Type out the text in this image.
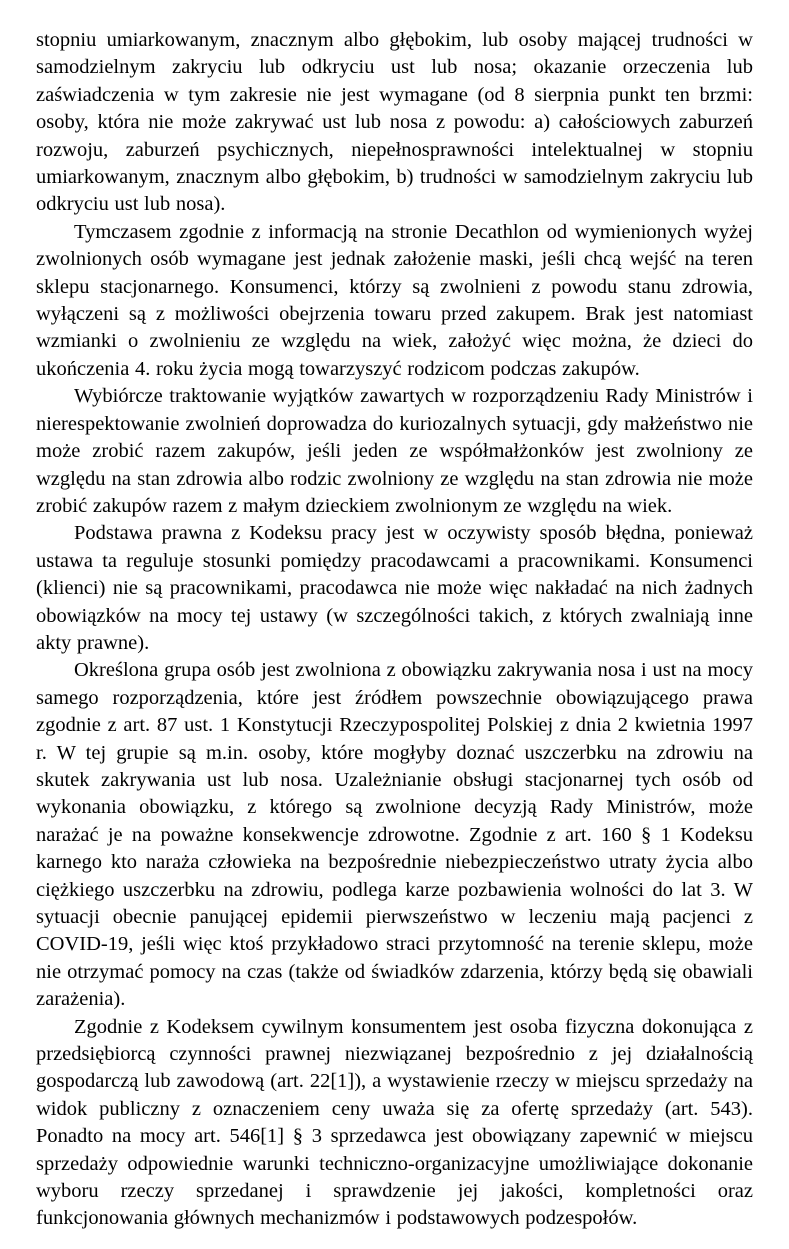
stopniu umiarkowanym, znacznym albo głębokim, lub osoby mającej trudności w samodzielnym zakryciu lub odkryciu ust lub nosa; okazanie orzeczenia lub zaświadczenia w tym zakresie nie jest wymagane (od 8 sierpnia punkt ten brzmi: osoby, która nie może zakrywać ust lub nosa z powodu: a) całościowych zaburzeń rozwoju, zaburzeń psychicznych, niepełnosprawności intelektualnej w stopniu umiarkowanym, znacznym albo głębokim, b) trudności w samodzielnym zakryciu lub odkryciu ust lub nosa).

Tymczasem zgodnie z informacją na stronie Decathlon od wymienionych wyżej zwolnionych osób wymagane jest jednak założenie maski, jeśli chcą wejść na teren sklepu stacjonarnego. Konsumenci, którzy są zwolnieni z powodu stanu zdrowia, wyłączeni są z możliwości obejrzenia towaru przed zakupem. Brak jest natomiast wzmianki o zwolnieniu ze względu na wiek, założyć więc można, że dzieci do ukończenia 4. roku życia mogą towarzyszyć rodzicom podczas zakupów.

Wybiórcze traktowanie wyjątków zawartych w rozporządzeniu Rady Ministrów i nierespektowanie zwolnień doprowadza do kuriozalnych sytuacji, gdy małżeństwo nie może zrobić razem zakupów, jeśli jeden ze współmałżonków jest zwolniony ze względu na stan zdrowia albo rodzic zwolniony ze względu na stan zdrowia nie może zrobić zakupów razem z małym dzieckiem zwolnionym ze względu na wiek.

Podstawa prawna z Kodeksu pracy jest w oczywisty sposób błędna, ponieważ ustawa ta reguluje stosunki pomiędzy pracodawcami a pracownikami. Konsumenci (klienci) nie są pracownikami, pracodawca nie może więc nakładać na nich żadnych obowiązków na mocy tej ustawy (w szczególności takich, z których zwalniają inne akty prawne).

Określona grupa osób jest zwolniona z obowiązku zakrywania nosa i ust na mocy samego rozporządzenia, które jest źródłem powszechnie obowiązującego prawa zgodnie z art. 87 ust. 1 Konstytucji Rzeczypospolitej Polskiej z dnia 2 kwietnia 1997 r. W tej grupie są m.in. osoby, które mogłyby doznać uszczerbku na zdrowiu na skutek zakrywania ust lub nosa. Uzależnianie obsługi stacjonarnej tych osób od wykonania obowiązku, z którego są zwolnione decyzją Rady Ministrów, może narażać je na poważne konsekwencje zdrowotne. Zgodnie z art. 160 § 1 Kodeksu karnego kto naraża człowieka na bezpośrednie niebezpieczeństwo utraty życia albo ciężkiego uszczerbku na zdrowiu, podlega karze pozbawienia wolności do lat 3. W sytuacji obecnie panującej epidemii pierwszeństwo w leczeniu mają pacjenci z COVID-19, jeśli więc ktoś przykładowo straci przytomność na terenie sklepu, może nie otrzymać pomocy na czas (także od świadków zdarzenia, którzy będą się obawiali zarażenia).

Zgodnie z Kodeksem cywilnym konsumentem jest osoba fizyczna dokonująca z przedsiębiorcą czynności prawnej niezwiązanej bezpośrednio z jej działalnością gospodarczą lub zawodową (art. 22[1]), a wystawienie rzeczy w miejscu sprzedaży na widok publiczny z oznaczeniem ceny uważa się za ofertę sprzedaży (art. 543). Ponadto na mocy art. 546[1] § 3 sprzedawca jest obowiązany zapewnić w miejscu sprzedaży odpowiednie warunki techniczno-organizacyjne umożliwiające dokonanie wyboru rzeczy sprzedanej i sprawdzenie jej jakości, kompletności oraz funkcjonowania głównych mechanizmów i podstawowych podzespołów.
